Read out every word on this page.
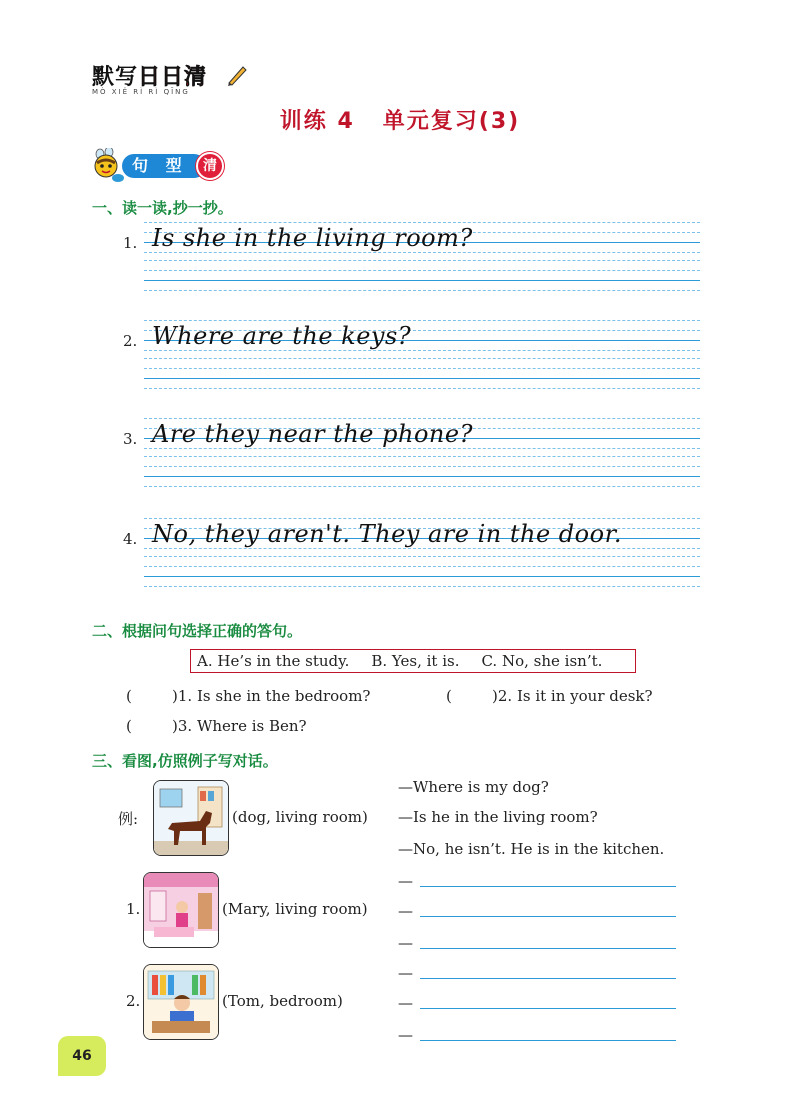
默写日日清
MÒ XIĚ RÌ RÌ QĪNG
训练 4 单元复习(3)
句 型	清
一、读一读,抄一抄。
1. Is she in the living room?
2. Where are the keys?
3. Are they near the phone?
4. No, they aren't. They are in the door.
二、根据问句选择正确的答句。
A. He’s in the study. B. Yes, it is. C. No, she isn’t.
(	)1. Is she in the bedroom?	(	)2. Is it in your desk?
(	)3. Where is Ben?
三、看图,仿照例子写对话。
例:	(dog, living room)
—Where is my dog?
—Is he in the living room?
—No, he isn’t. He is in the kitchen.
1.	(Mary, living room)
2.	(Tom, bedroom)
—
—
—
—
—
—
46
